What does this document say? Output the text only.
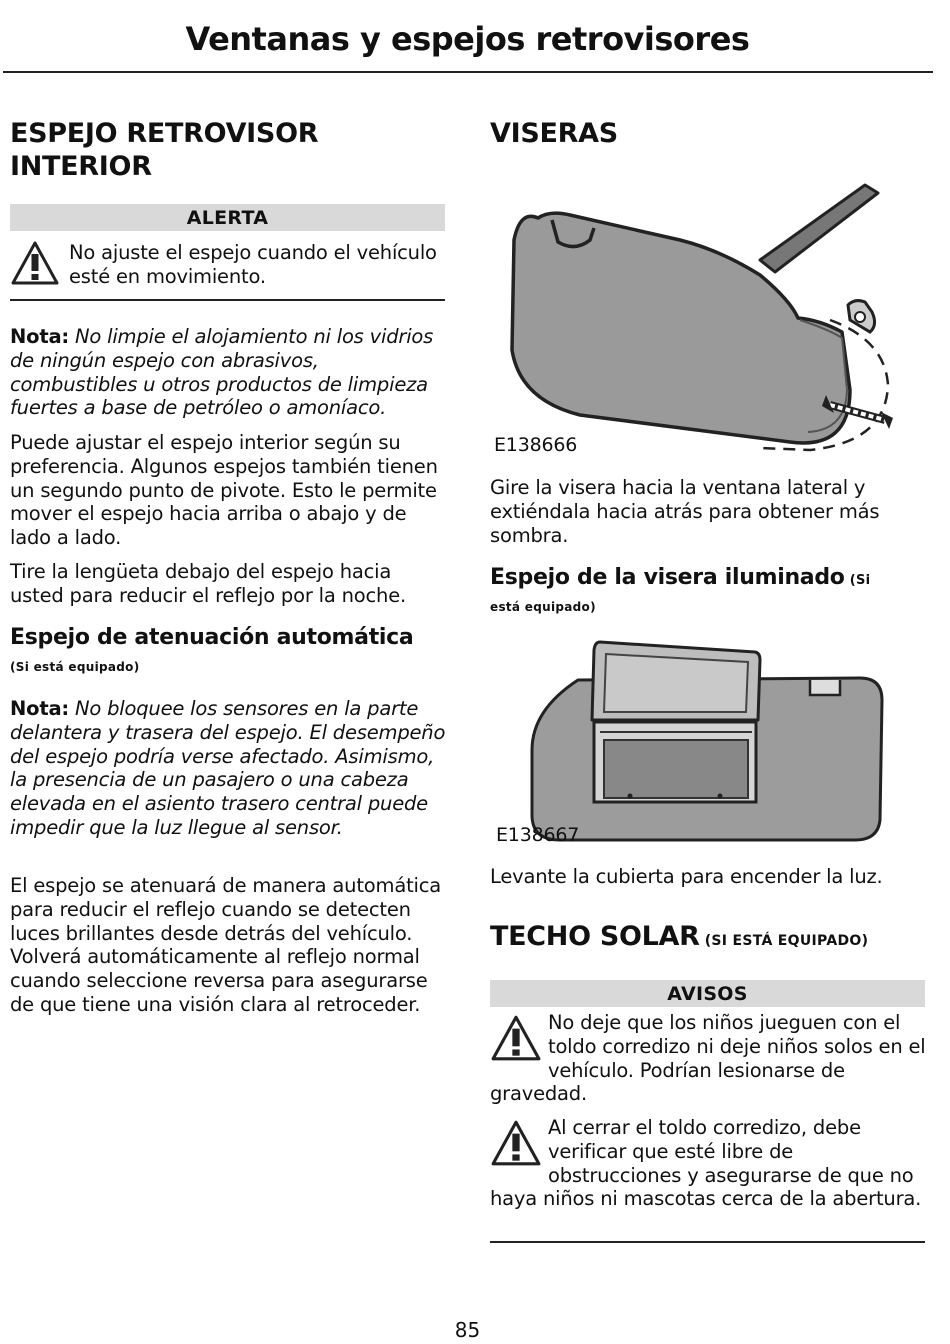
Ventanas y espejos retrovisores
ESPEJO RETROVISOR INTERIOR
ALERTA
No ajuste el espejo cuando el vehículo esté en movimiento.
Nota: No limpie el alojamiento ni los vidrios de ningún espejo con abrasivos, combustibles u otros productos de limpieza fuertes a base de petróleo o amoníaco.
Puede ajustar el espejo interior según su preferencia. Algunos espejos también tienen un segundo punto de pivote. Esto le permite mover el espejo hacia arriba o abajo y de lado a lado.
Tire la lengüeta debajo del espejo hacia usted para reducir el reflejo por la noche.
Espejo de atenuación automática
(Si está equipado)
Nota: No bloquee los sensores en la parte delantera y trasera del espejo. El desempeño del espejo podría verse afectado. Asimismo, la presencia de un pasajero o una cabeza elevada en el asiento trasero central puede impedir que la luz llegue al sensor.
El espejo se atenuará de manera automática para reducir el reflejo cuando se detecten luces brillantes desde detrás del vehículo. Volverá automáticamente al reflejo normal cuando seleccione reversa para asegurarse de que tiene una visión clara al retroceder.
VISERAS
E138666
Gire la visera hacia la ventana lateral y extiéndala hacia atrás para obtener más sombra.
Espejo de la visera iluminado (Si
está equipado)
E138667
Levante la cubierta para encender la luz.
TECHO SOLAR (SI ESTÁ EQUIPADO)
AVISOS
No deje que los niños jueguen con el toldo corredizo ni deje niños solos en el vehículo. Podrían lesionarse de gravedad.
Al cerrar el toldo corredizo, debe verificar que esté libre de obstrucciones y asegurarse de que no haya niños ni mascotas cerca de la abertura.
85
